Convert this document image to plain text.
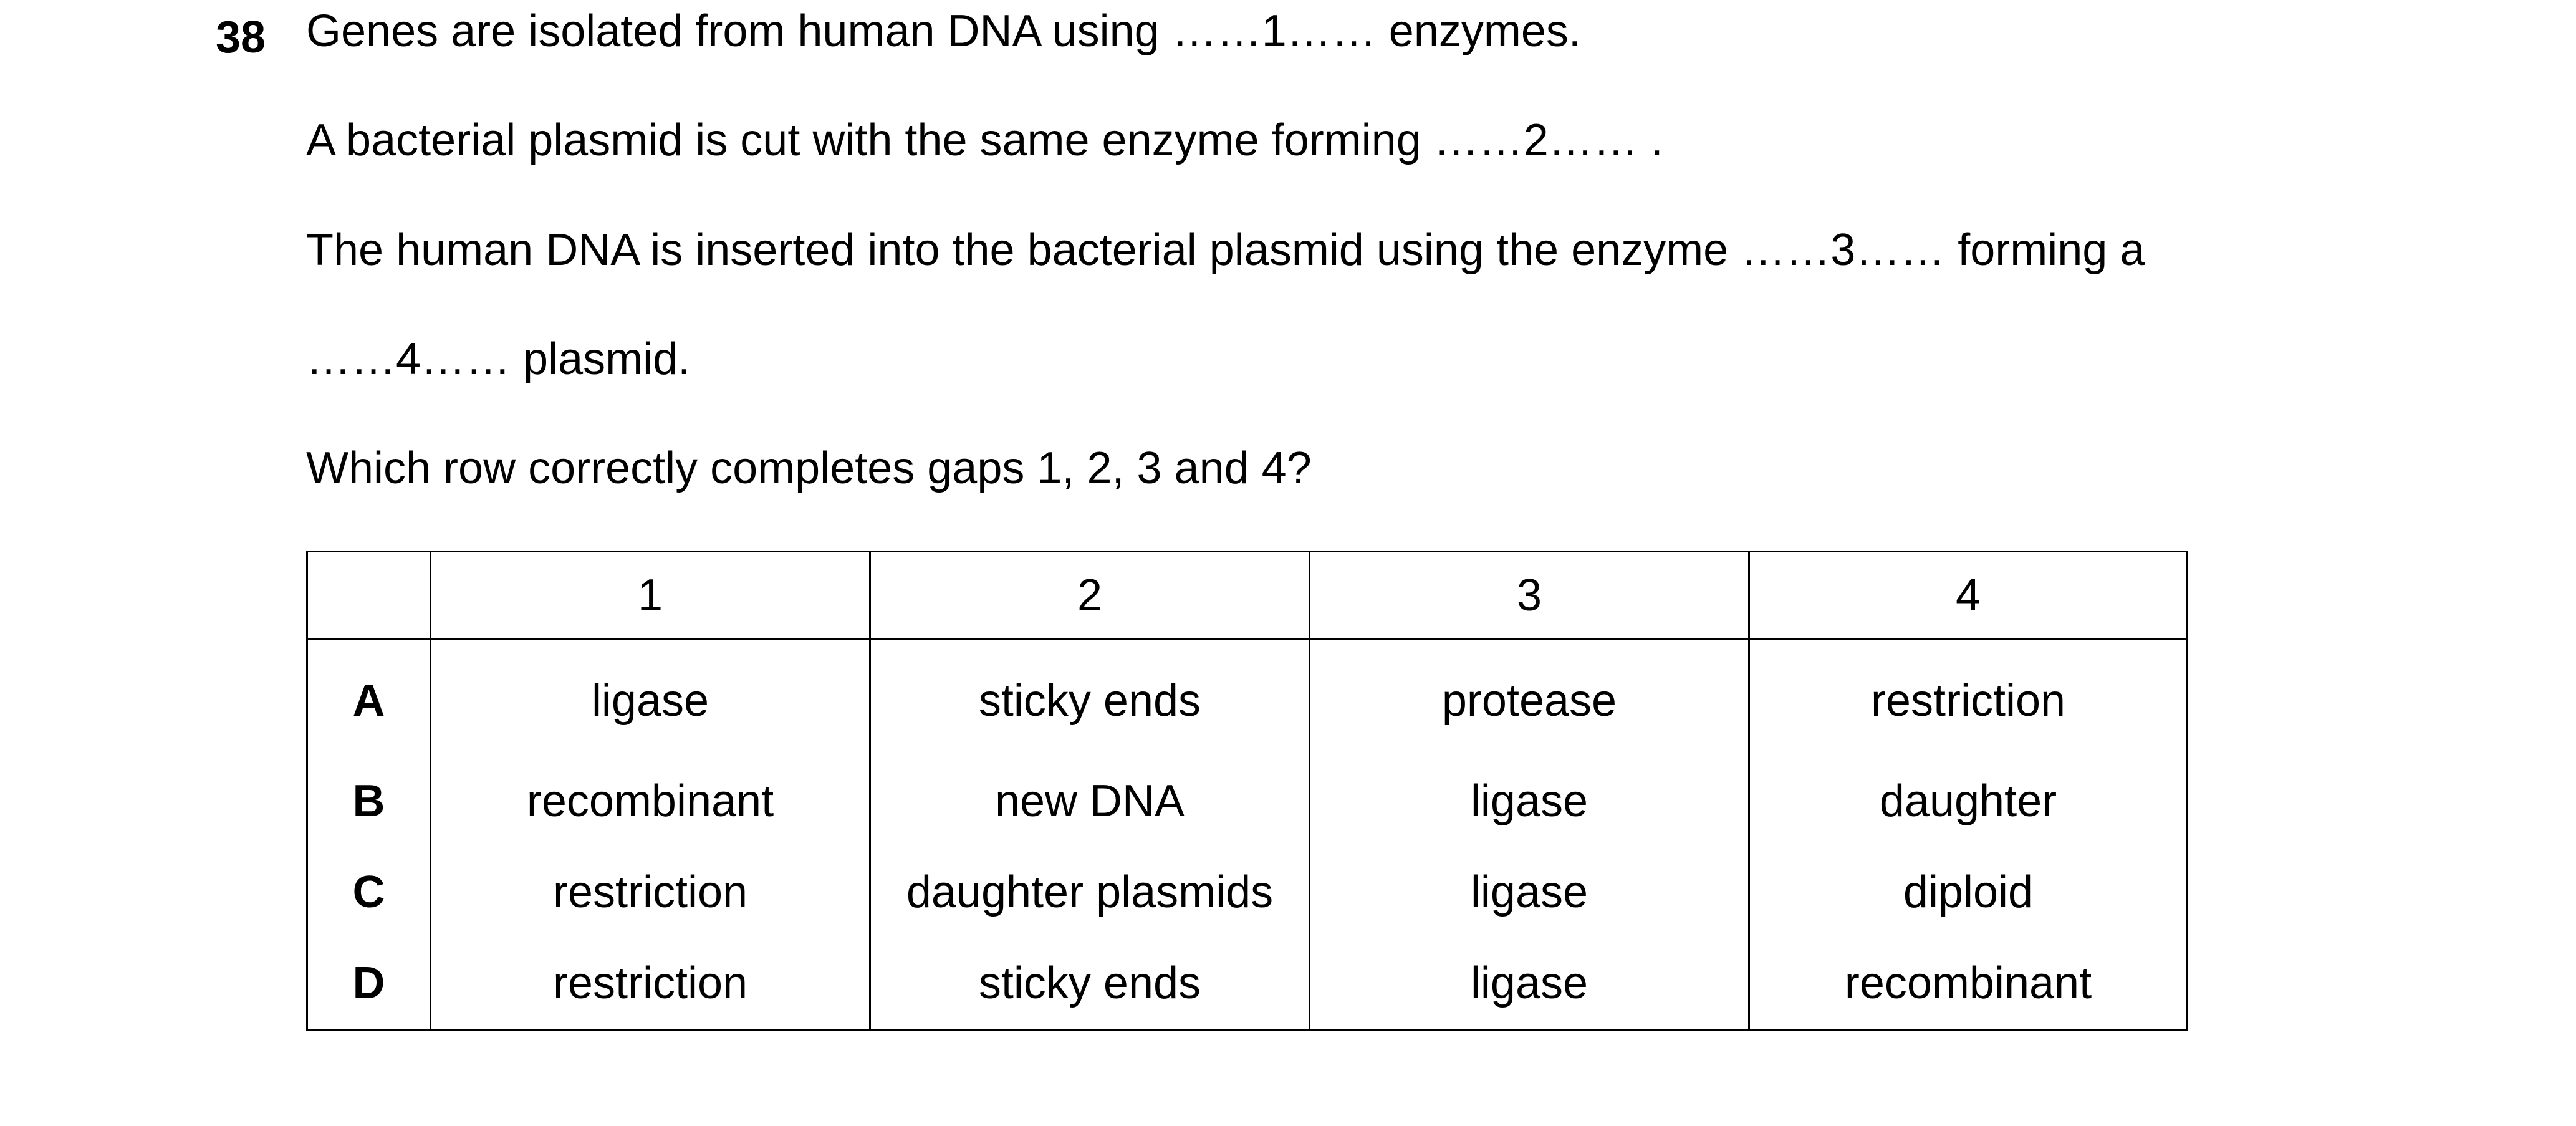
38 Genes are isolated from human DNA using ……1…… enzymes.
A bacterial plasmid is cut with the same enzyme forming ……2…… .
The human DNA is inserted into the bacterial plasmid using the enzyme ……3…… forming a
……4…… plasmid.
Which row correctly completes gaps 1, 2, 3 and 4?
	1	2	3	4
A	ligase	sticky ends	protease	restriction
B	recombinant	new DNA	ligase	daughter
C	restriction	daughter plasmids	ligase	diploid
D	restriction	sticky ends	ligase	recombinant
